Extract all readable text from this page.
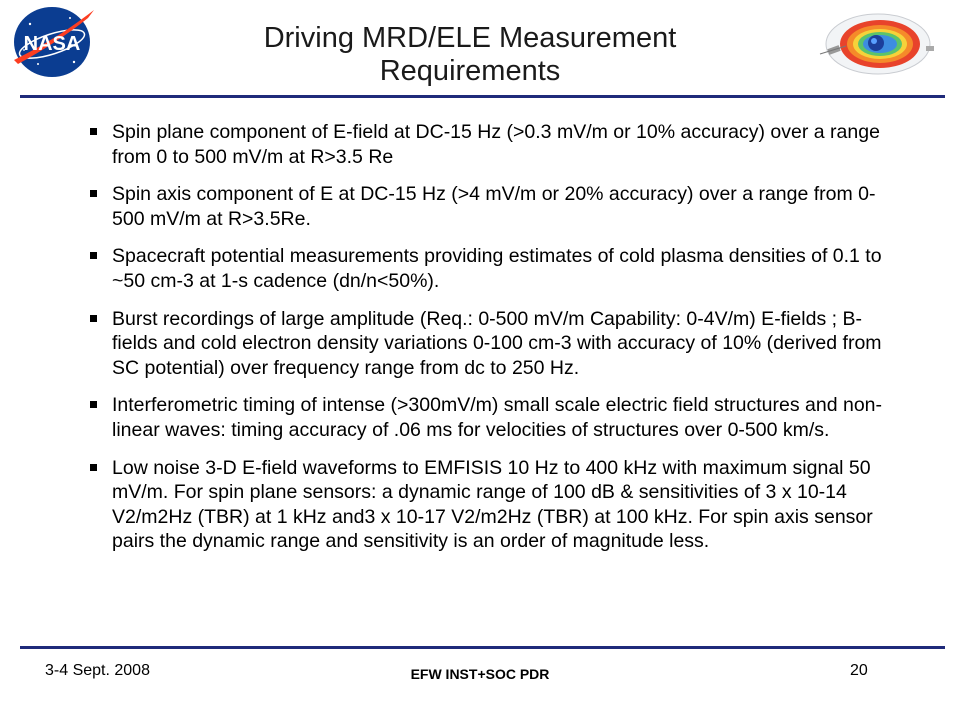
NASA	Driving MRD/ELE Measurement
Requirements
Spin plane component of E-field at DC-15 Hz (>0.3 mV/m or 10% accuracy) over a range from 0 to 500 mV/m at R>3.5 Re
Spin axis component of E at DC-15 Hz (>4 mV/m or 20% accuracy) over a range from 0-500 mV/m at R>3.5Re.
Spacecraft potential measurements providing estimates of cold plasma densities of 0.1 to ~50 cm-3 at 1-s cadence (dn/n<50%).
Burst recordings of large amplitude (Req.: 0-500 mV/m Capability: 0-4V/m) E-fields ; B-fields and cold electron density variations 0-100 cm-3 with accuracy of 10% (derived from SC potential) over frequency range from dc to 250 Hz.
Interferometric timing of intense (>300mV/m) small scale electric field structures and non-linear waves: timing accuracy of .06 ms for velocities of structures over 0-500 km/s.
Low noise 3-D E-field waveforms to EMFISIS 10 Hz to 400 kHz with maximum signal 50 mV/m. For spin plane sensors: a dynamic range of 100 dB & sensitivities of 3 x 10-14 V2/m2Hz (TBR) at 1 kHz and3 x 10-17 V2/m2Hz (TBR) at 100 kHz. For spin axis sensor pairs the dynamic range and sensitivity is an order of magnitude less.
3-4 Sept. 2008	EFW INST+SOC PDR	20
